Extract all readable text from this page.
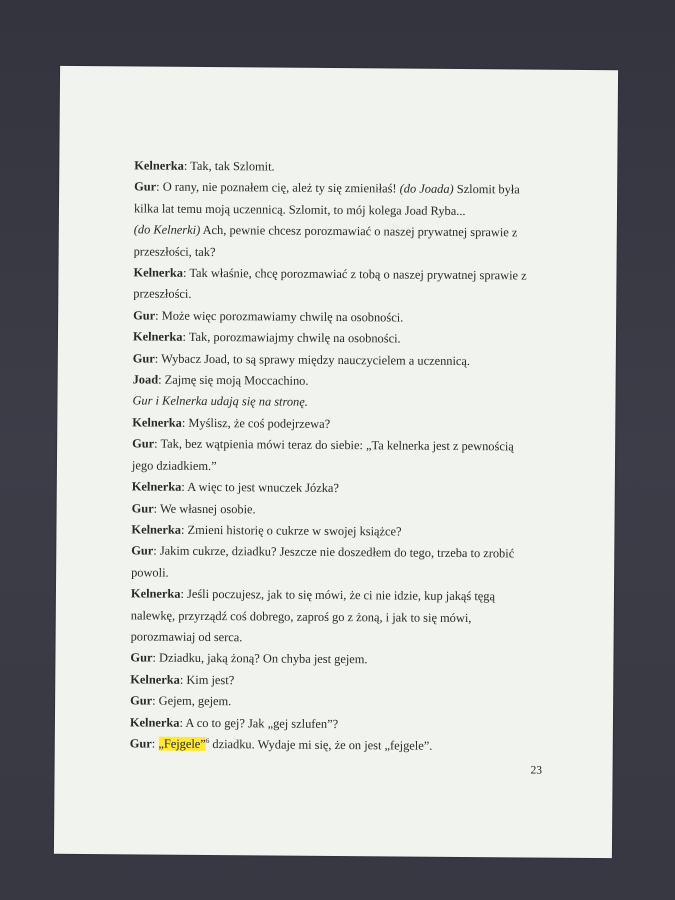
Kelnerka: Tak, tak Szlomit.
Gur: O rany, nie poznałem cię, ależ ty się zmieniłaś! (do Joada) Szlomit była
kilka lat temu moją uczennicą. Szlomit, to mój kolega Joad Ryba...
(do Kelnerki) Ach, pewnie chcesz porozmawiać o naszej prywatnej sprawie z
przeszłości, tak?
Kelnerka: Tak właśnie, chcę porozmawiać z tobą o naszej prywatnej sprawie z
przeszłości.
Gur: Może więc porozmawiamy chwilę na osobności.
Kelnerka: Tak, porozmawiajmy chwilę na osobności.
Gur: Wybacz Joad, to są sprawy między nauczycielem a uczennicą.
Joad: Zajmę się moją Moccachino.
Gur i Kelnerka udają się na stronę.
Kelnerka: Myślisz, że coś podejrzewa?
Gur: Tak, bez wątpienia mówi teraz do siebie: „Ta kelnerka jest z pewnością
jego dziadkiem.”
Kelnerka: A więc to jest wnuczek Józka?
Gur: We własnej osobie.
Kelnerka: Zmieni historię o cukrze w swojej książce?
Gur: Jakim cukrze, dziadku? Jeszcze nie doszedłem do tego, trzeba to zrobić
powoli.
Kelnerka: Jeśli poczujesz, jak to się mówi, że ci nie idzie, kup jakąś tęgą
nalewkę, przyrządź coś dobrego, zaproś go z żoną, i jak to się mówi,
porozmawiaj od serca.
Gur: Dziadku, jaką żoną? On chyba jest gejem.
Kelnerka: Kim jest?
Gur: Gejem, gejem.
Kelnerka: A co to gej? Jak „gej szlufen”?
Gur: „Fejgele”$^6$ dziadku. Wydaje mi się, że on jest „fejgele”.
23
